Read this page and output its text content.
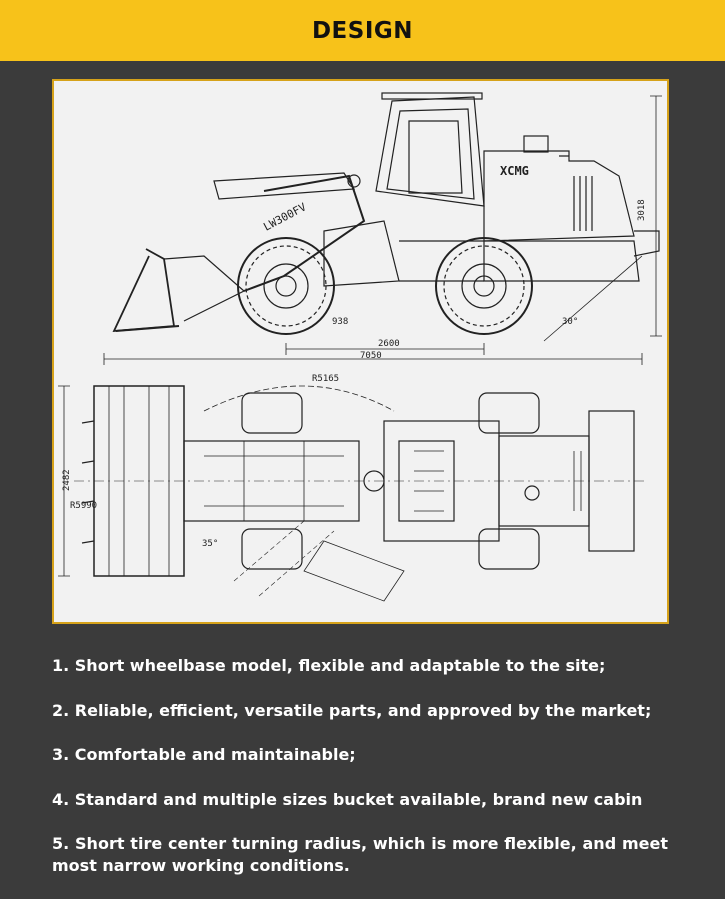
DESIGN
3018
2600
7050
938	30°
XCMG
LW300FV
2482
R5990
R5165
35°
1. Short wheelbase model, flexible and adaptable to the site;
2. Reliable, efficient, versatile parts, and approved by the market;
3. Comfortable and maintainable;
4. Standard and multiple sizes bucket available, brand new cabin
5. Short tire center turning radius, which is more flexible, and meet most narrow working conditions.
